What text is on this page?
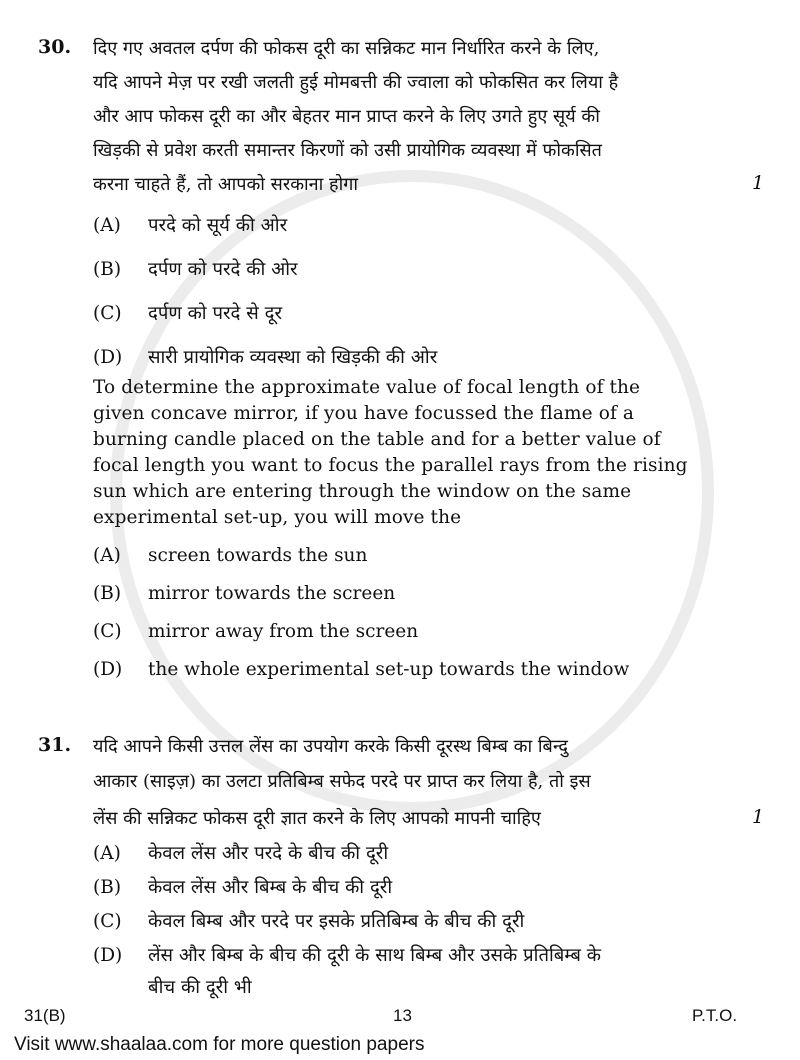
30. दिए गए अवतल दर्पण की फोकस दूरी का सन्निकट मान निर्धारित करने के लिए,
यदि आपने मेज़ पर रखी जलती हुई मोमबत्ती की ज्वाला को फोकसित कर लिया है
और आप फोकस दूरी का और बेहतर मान प्राप्त करने के लिए उगते हुए सूर्य की
खिड़की से प्रवेश करती समान्तर किरणों को उसी प्रायोगिक व्यवस्था में फोकसित
करना चाहते हैं, तो आपको सरकाना होगा	1
(A) परदे को सूर्य की ओर
(B) दर्पण को परदे की ओर
(C) दर्पण को परदे से दूर
(D) सारी प्रायोगिक व्यवस्था को खिड़की की ओर
To determine the approximate value of focal length of the
given concave mirror, if you have focussed the flame of a
burning candle placed on the table and for a better value of
focal length you want to focus the parallel rays from the rising
sun which are entering through the window on the same
experimental set-up, you will move the
(A) screen towards the sun
(B) mirror towards the screen
(C) mirror away from the screen
(D) the whole experimental set-up towards the window
31. यदि आपने किसी उत्तल लेंस का उपयोग करके किसी दूरस्थ बिम्ब का बिन्दु
आकार (साइज़) का उलटा प्रतिबिम्ब सफेद परदे पर प्राप्त कर लिया है, तो इस
लेंस की सन्निकट फोकस दूरी ज्ञात करने के लिए आपको मापनी चाहिए	1
(A) केवल लेंस और परदे के बीच की दूरी
(B) केवल लेंस और बिम्ब के बीच की दूरी
(C) केवल बिम्ब और परदे पर इसके प्रतिबिम्ब के बीच की दूरी
(D) लेंस और बिम्ब के बीच की दूरी के साथ बिम्ब और उसके प्रतिबिम्ब के
बीच की दूरी भी
31(B)	13	P.T.O.
Visit www.shaalaa.com for more question papers
